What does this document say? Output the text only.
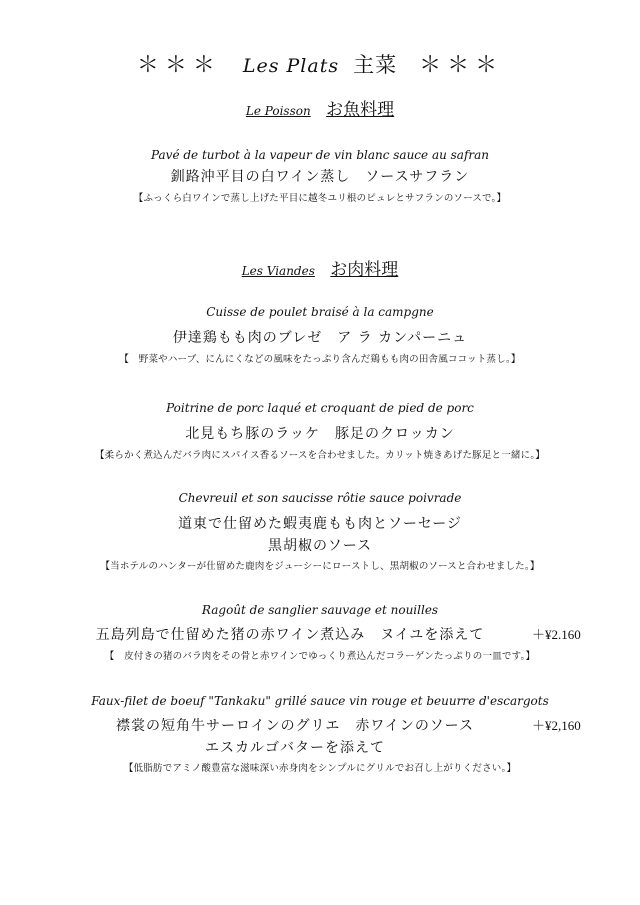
＊＊＊ Les Plats 主菜 ＊＊＊
Le Poisson お魚料理
Pavé de turbot à la vapeur de vin blanc sauce au safran
釧路沖平目の白ワイン蒸し　ソースサフラン
【ふっくら白ワインで蒸し上げた平目に越冬ユリ根のピュレとサフランのソースで。】
Les Viandes お肉料理
Cuisse de poulet braisé à la campgne
伊達鶏もも肉のブレゼ　ア ラ カンパーニュ
【　野菜やハーブ、にんにくなどの風味をたっぷり含んだ鶏もも肉の田舎風ココット蒸し。】
Poitrine de porc laqué et croquant de pied de porc
北見もち豚のラッケ　豚足のクロッカン
【柔らかく煮込んだバラ肉にスパイス香るソースを合わせました。カリット焼きあげた豚足と一緒に。】
Chevreuil et son saucisse rôtie sauce poivrade
道東で仕留めた蝦夷鹿もも肉とソーセージ
黒胡椒のソース
【当ホテルのハンターが仕留めた鹿肉をジューシーにローストし、黒胡椒のソースと合わせました。】
Ragoût de sanglier sauvage et nouilles
五島列島で仕留めた猪の赤ワイン煮込み　ヌイユを添えて	＋¥2.160
【　皮付きの猪のバラ肉をその骨と赤ワインでゆっくり煮込んだコラーゲンたっぷりの一皿です。】
Faux-filet de boeuf "Tankaku" grillé sauce vin rouge et beuurre d'escargots
襟裳の短角牛サーロインのグリエ　赤ワインのソース	＋¥2,160
エスカルゴバターを添えて
【低脂肪でアミノ酸豊富な滋味深い赤身肉をシンプルにグリルでお召し上がりください。】
